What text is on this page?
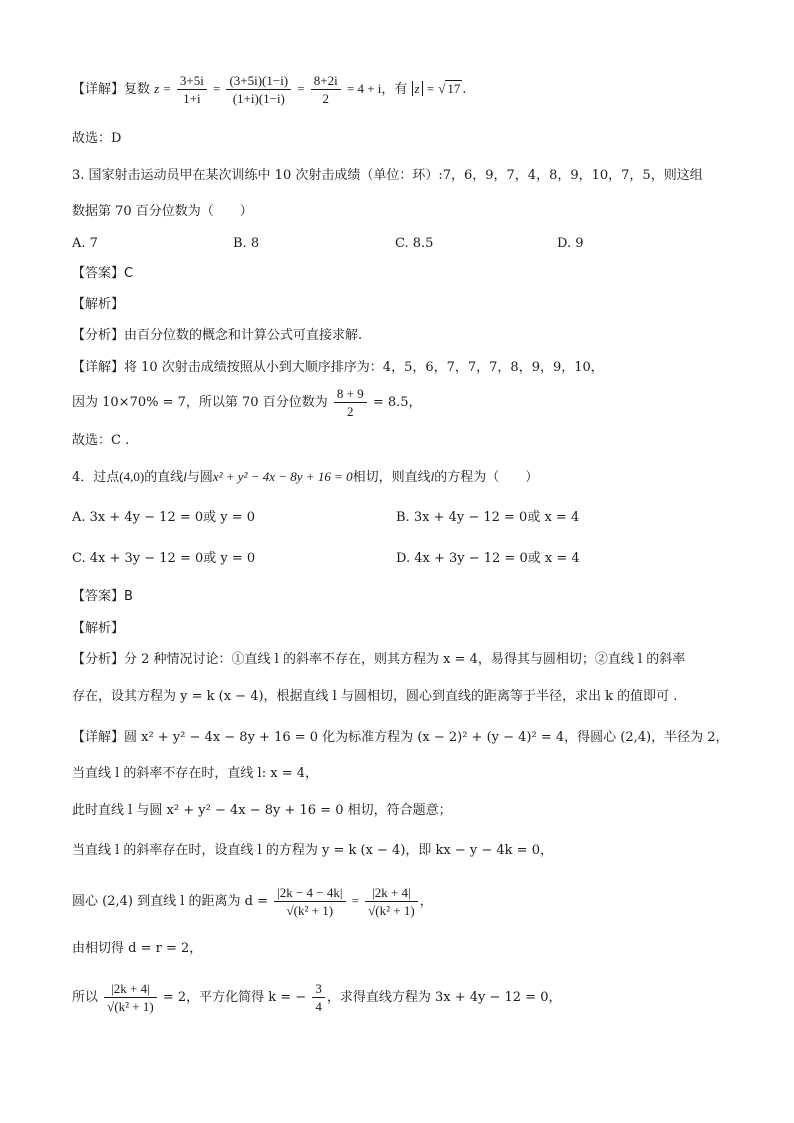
【详解】复数 $z = \frac{3+5i}{1+i} = \frac{(3+5i)(1-i)}{(1+i)(1-i)} = \frac{8+2i}{2} = 4 + i$，有 z = √ 17 .
故选：D
3. 国家射击运动员甲在某次训练中 10 次射击成绩（单位：环）:7，6，9，7，4，8，9，10，7，5，则这组
数据第 70 百分位数为（　　）
A. 7	B. 8	C. 8.5	D. 9
【答案】C
【解析】
【分析】由百分位数的概念和计算公式可直接求解.
【详解】将 10 次射击成绩按照从小到大顺序排序为：4，5，6，7，7，7，8，9，9，10，
因为 10×70% = 7，所以第 70 百分位数为 $\frac{8 + 9}{2} = 8.5$，
故选：C .
4．过点(4,0)的直线l与圆x² + y² − 4x − 8y + 16 = 0相切，则直线l的方程为（　　）
A. 3x + 4y − 12 = 0或 y = 0	B. 3x + 4y − 12 = 0或 x = 4
C. 4x + 3y − 12 = 0或 y = 0	D. 4x + 3y − 12 = 0或 x = 4
【答案】B
【解析】
【分析】分 2 种情况讨论：①直线 l 的斜率不存在，则其方程为 x = 4，易得其与圆相切；②直线 l 的斜率
存在，设其方程为 y = k (x − 4)，根据直线 l 与圆相切，圆心到直线的距离等于半径，求出 k 的值即可 .
【详解】圆 x² + y² − 4x − 8y + 16 = 0 化为标准方程为 (x − 2)² + (y − 4)² = 4，得圆心 (2,4)，半径为 2，
当直线 l 的斜率不存在时，直线 l: x = 4，
此时直线 l 与圆 x² + y² − 4x − 8y + 16 = 0 相切，符合题意；
当直线 l 的斜率存在时，设直线 l 的方程为 y = k (x − 4)，即 kx − y − 4k = 0，
圆心 (2,4) 到直线 l 的距离为 $d = \frac{|2k - 4 - 4k|}{\text{√(k² + 1)}} = \frac{|2k + 4|}{\text{√(k² + 1)}}$ ，
由相切得 d = r = 2，
所以 $\frac{|2k + 4|}{\text{√(k² + 1)}} = 2$，平方化简得 k = − $\frac{3}{4}$ ，求得直线方程为 3x + 4y − 12 = 0，
